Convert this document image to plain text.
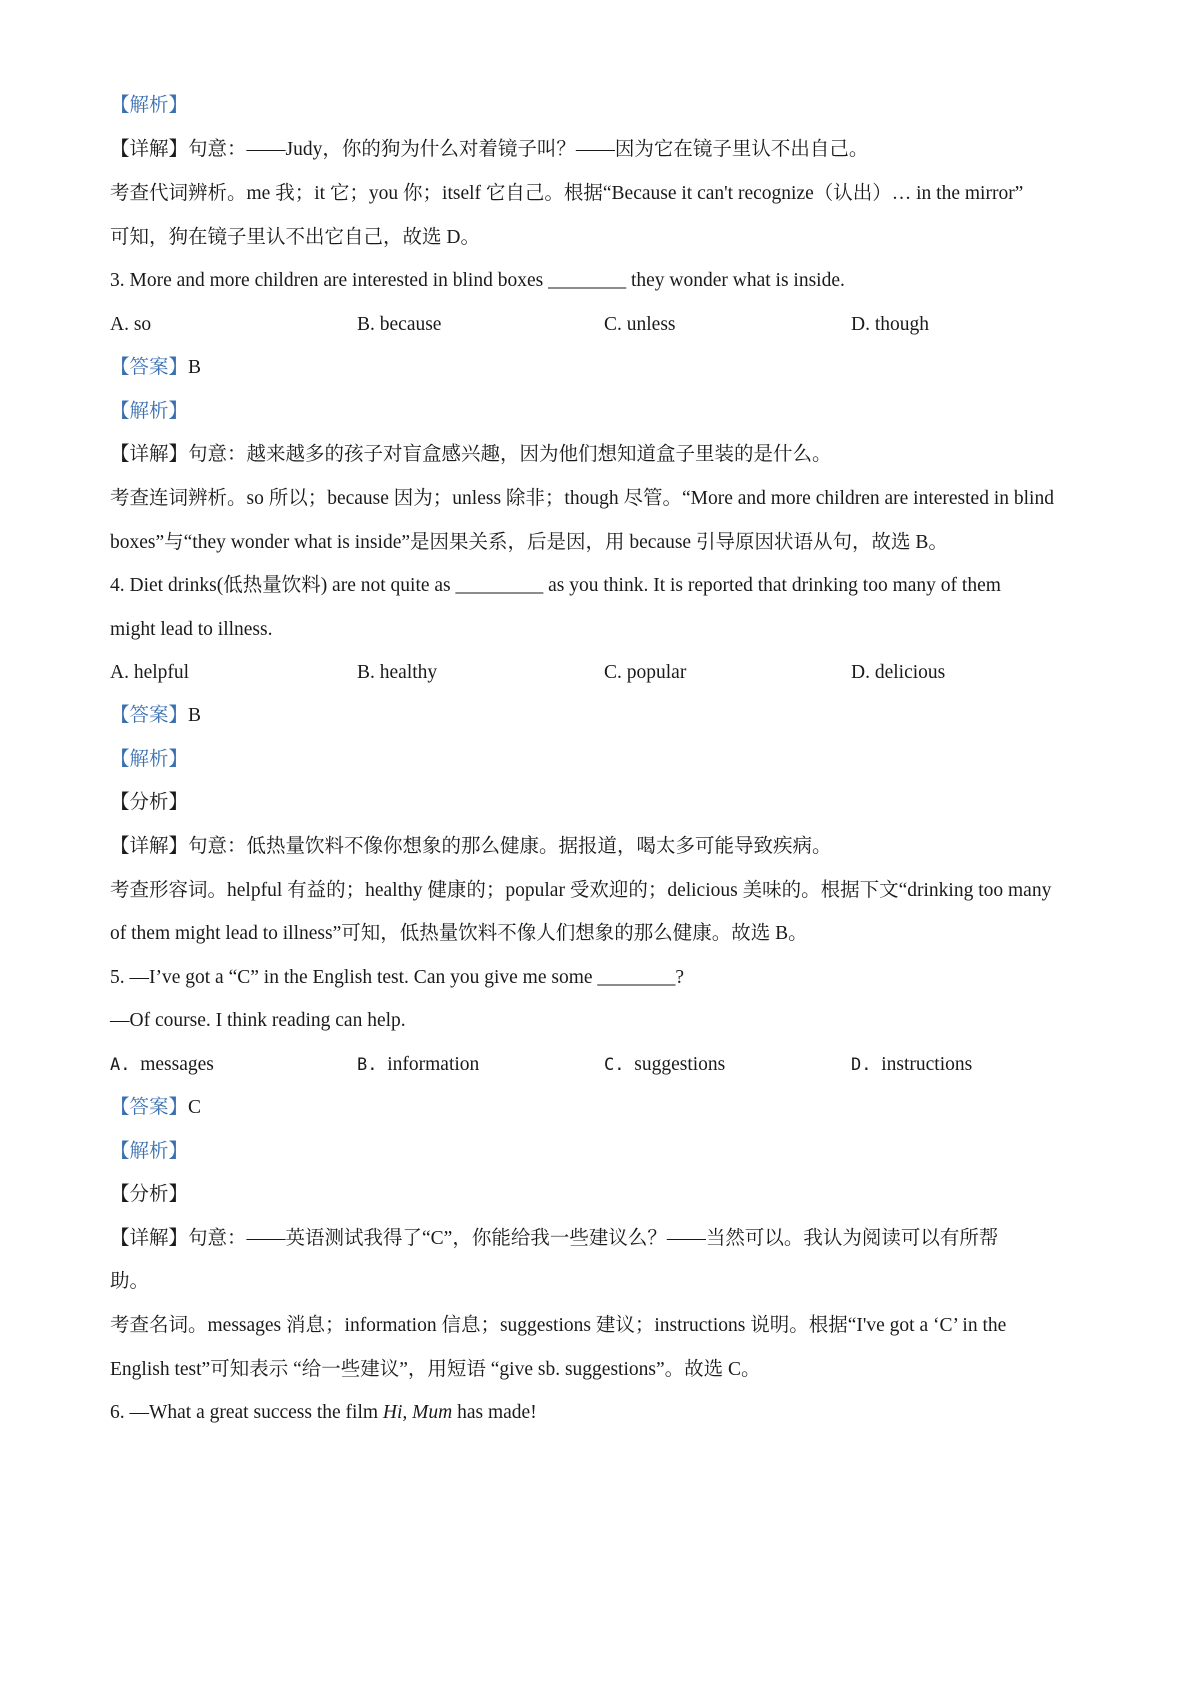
【解析】
【详解】句意：——Judy，你的狗为什么对着镜子叫？——因为它在镜子里认不出自己。
考查代词辨析。me 我；it 它；you 你；itself 它自己。根据“Because it can't recognize（认出）… in the mirror”
可知，狗在镜子里认不出它自己，故选 D。
3. More and more children are interested in blind boxes ________ they wonder what is inside.
A. so	B. because	C. unless	D. though
【答案】B
【解析】
【详解】句意：越来越多的孩子对盲盒感兴趣，因为他们想知道盒子里装的是什么。
考查连词辨析。so 所以；because 因为；unless 除非；though 尽管。“More and more children are interested in blind
boxes”与“they wonder what is inside”是因果关系，后是因，用 because 引导原因状语从句，故选 B。
4. Diet drinks(低热量饮料) are not quite as _________ as you think. It is reported that drinking too many of them
might lead to illness.
A. helpful	B. healthy	C. popular	D. delicious
【答案】B
【解析】
【分析】
【详解】句意：低热量饮料不像你想象的那么健康。据报道，喝太多可能导致疾病。
考查形容词。helpful 有益的；healthy 健康的；popular 受欢迎的；delicious 美味的。根据下文“drinking too many
of them might lead to illness”可知，低热量饮料不像人们想象的那么健康。故选 B。
5. —I’ve got a “C” in the English test. Can you give me some ________?
—Of course. I think reading can help.
A. messages	B. information	C. suggestions	D. instructions
【答案】C
【解析】
【分析】
【详解】句意：——英语测试我得了“C”，你能给我一些建议么？——当然可以。我认为阅读可以有所帮
助。
考查名词。messages 消息；information 信息；suggestions 建议；instructions 说明。根据“I've got a ‘C’ in the
English test”可知表示 “给一些建议”，用短语 “give sb. suggestions”。故选 C。
6. —What a great success the film Hi, Mum has made!
